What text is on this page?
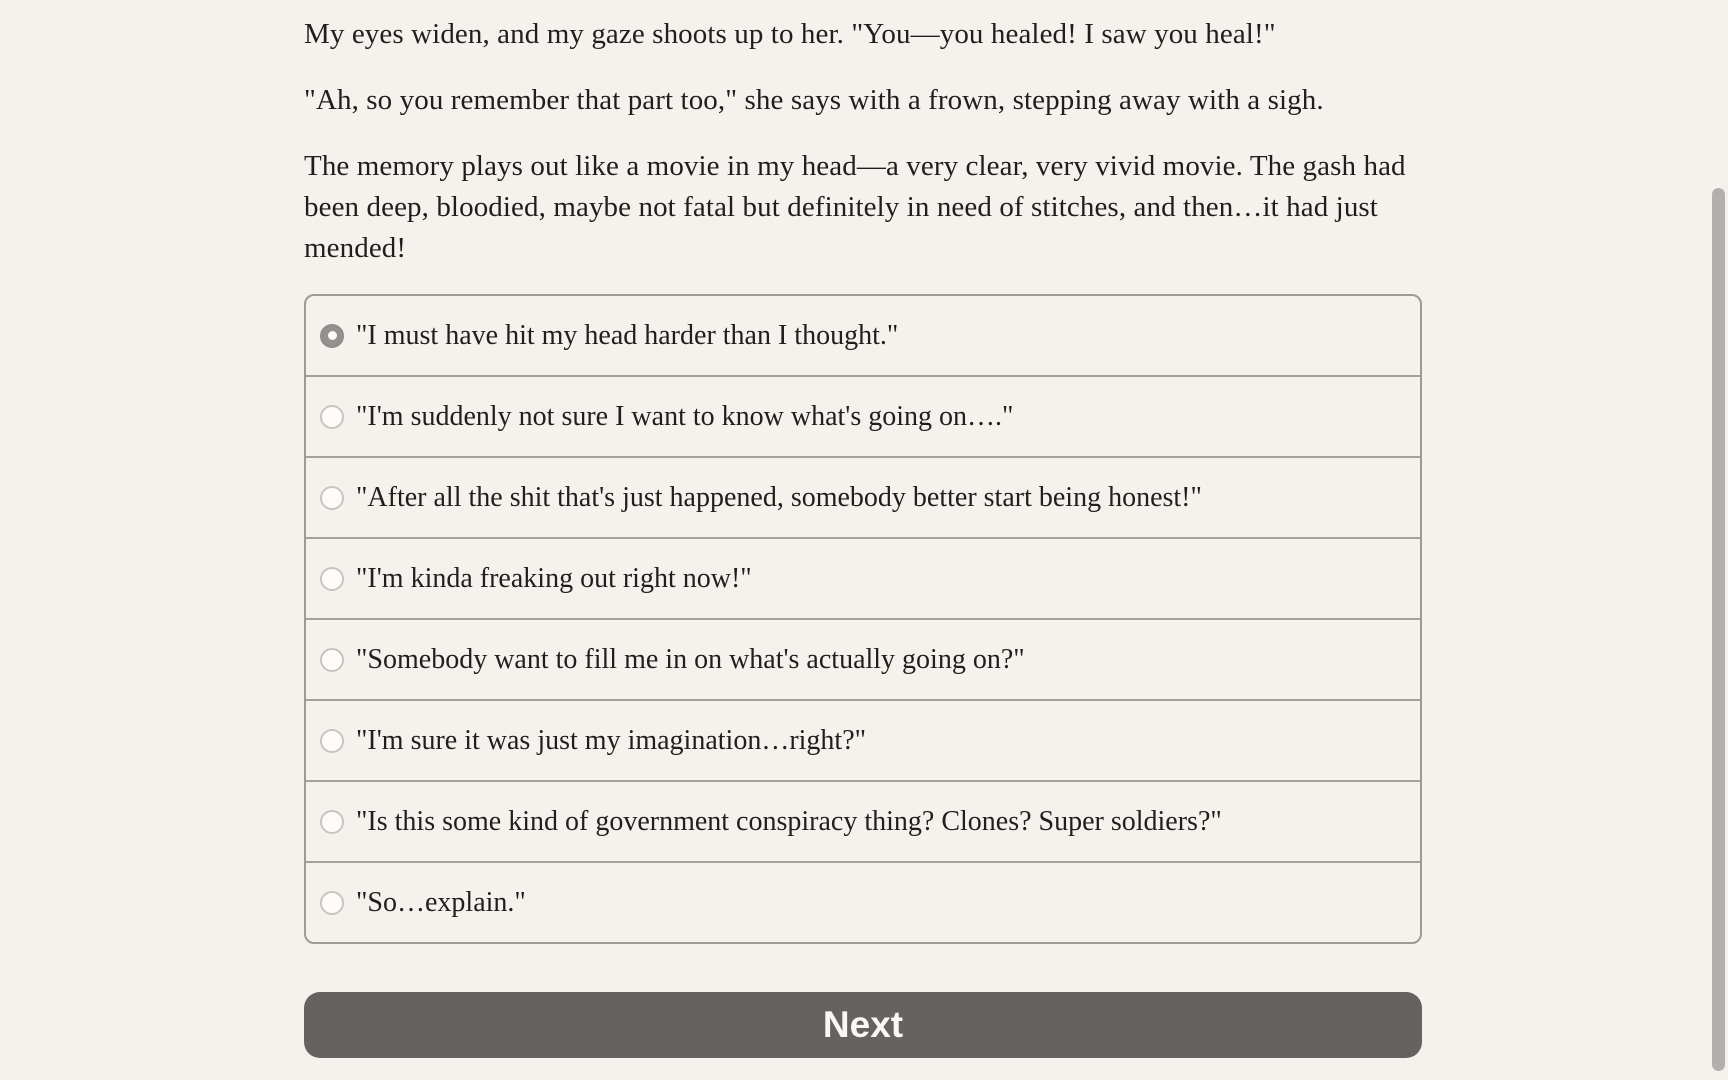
My eyes widen, and my gaze shoots up to her. "You—you healed! I saw you heal!"

"Ah, so you remember that part too," she says with a frown, stepping away with a sigh.

The memory plays out like a movie in my head—a very clear, very vivid movie. The gash had been deep, bloodied, maybe not fatal but definitely in need of stitches, and then…it had just mended!

"I must have hit my head harder than I thought."
"I'm suddenly not sure I want to know what's going on…."
"After all the shit that's just happened, somebody better start being honest!"
"I'm kinda freaking out right now!"
"Somebody want to fill me in on what's actually going on?"
"I'm sure it was just my imagination…right?"
"Is this some kind of government conspiracy thing? Clones? Super soldiers?"
"So…explain."
Next
